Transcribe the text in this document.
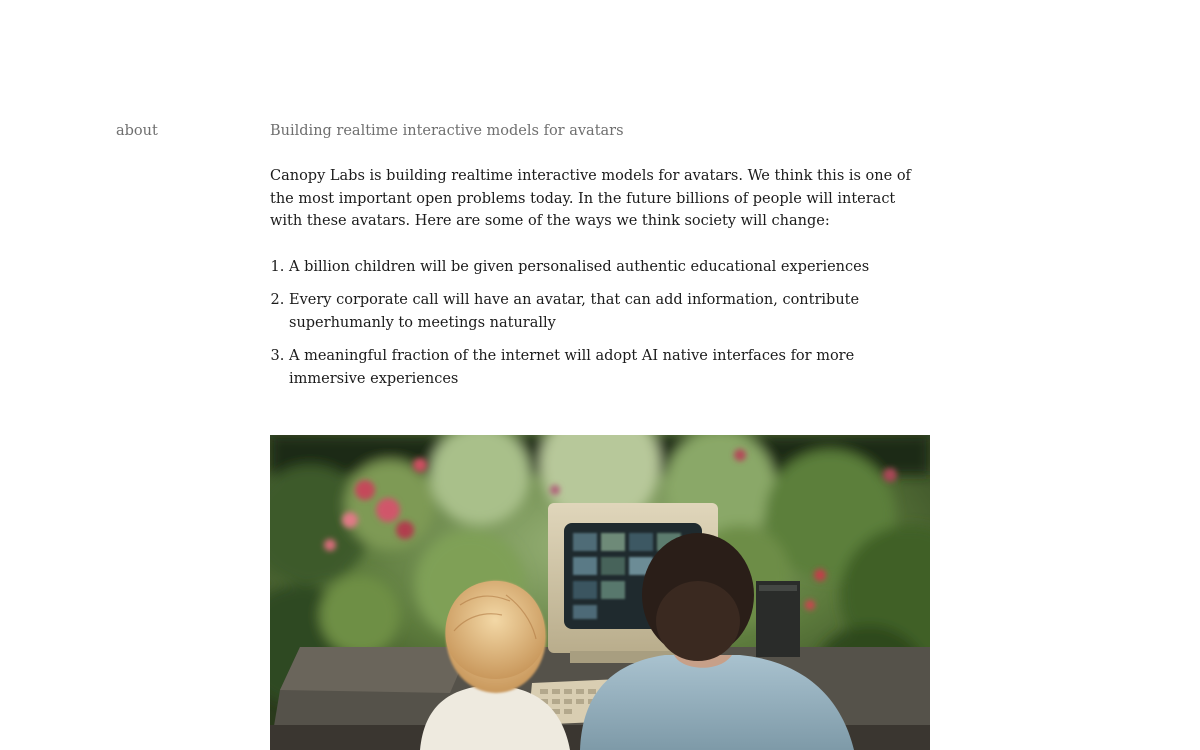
about	Building realtime interactive models for avatars

Canopy Labs is building realtime interactive models for avatars. We think this is one of the most important open problems today. In the future billions of people will interact with these avatars. Here are some of the ways we think society will change:

1. A billion children will be given personalised authentic educational experiences
2. Every corporate call will have an avatar, that can add information, contribute superhumanly to meetings naturally
3. A meaningful fraction of the internet will adopt AI native interfaces for more immersive experiences
